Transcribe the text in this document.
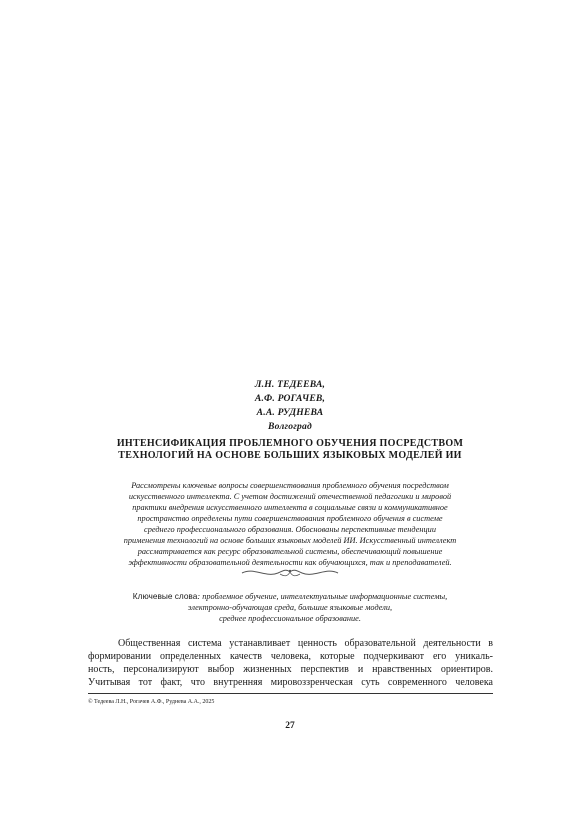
Л.Н. ТЕДЕЕВА,
А.Ф. РОГАЧЕВ,
А.А. РУДНЕВА
Волгоград
ИНТЕНСИФИКАЦИЯ ПРОБЛЕМНОГО ОБУЧЕНИЯ ПОСРЕДСТВОМ
ТЕХНОЛОГИЙ НА ОСНОВЕ БОЛЬШИХ ЯЗЫКОВЫХ МОДЕЛЕЙ ИИ
Рассмотрены ключевые вопросы совершенствования проблемного обучения посредством
искусственного интеллекта. С учетом достижений отечественной педагогики и мировой
практики внедрения искусственного интеллекта в социальные связи и коммуникативное
пространство определены пути совершенствования проблемного обучения в системе
среднего профессионального образования. Обоснованы перспективные тенденции
применения технологий на основе больших языковых моделей ИИ. Искусственный интеллект
рассматривается как ресурс образовательной системы, обеспечивающий повышение
эффективности образовательной деятельности как обучающихся, так и преподавателей.
Ключевые слова: проблемное обучение, интеллектуальные информационные системы,
электронно-обучающая среда, большие языковые модели,
среднее профессиональное образование.
Общественная система устанавливает ценность образовательной деятельности в
формировании определенных качеств человека, которые подчеркивают его уникаль-
ность, персонализируют выбор жизненных перспектив и нравственных ориентиров.
Учитывая тот факт, что внутренняя мировоззренческая суть современного человека
© Тедеева Л.Н., Рогачев А.Ф., Руднева А.А., 2025
27
